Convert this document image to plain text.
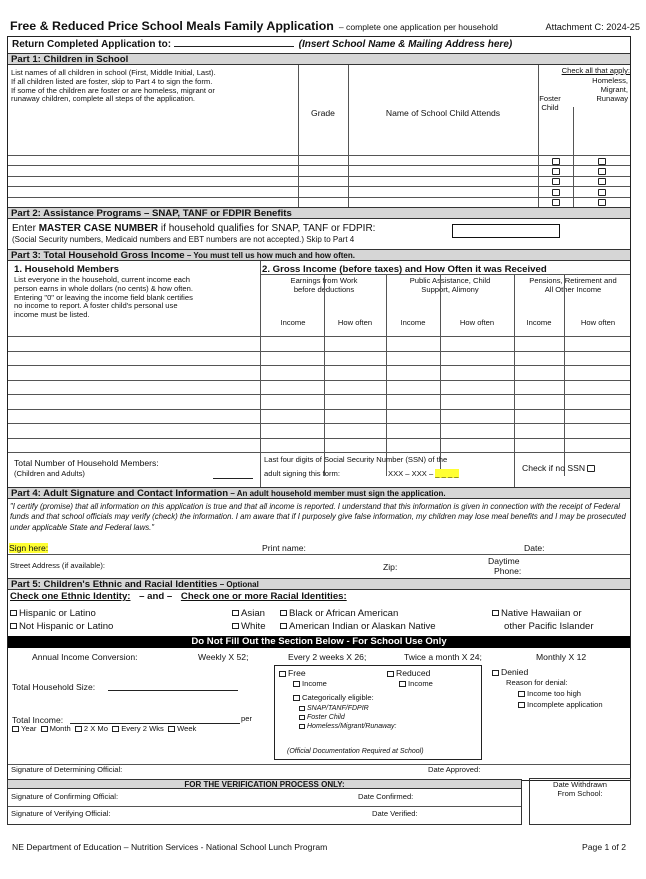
Free & Reduced Price School Meals Family Application – complete one application per household	Attachment C: 2024-25
Return Completed Application to:	(Insert School Name & Mailing Address here)
Part 1: Children in School
List names of all children in school (First, Middle Initial, Last).
If all children listed are foster, skip to Part 4 to sign the form.
If some of the children are foster or are homeless, migrant or
runaway children, complete all steps of the application.
Grade	Name of School Child Attends
Check all that apply:
Foster Child
Homeless, Migrant, Runaway
Part 2: Assistance Programs – SNAP, TANF or FDPIR Benefits
Enter MASTER CASE NUMBER if household qualifies for SNAP, TANF or FDPIR:
(Social Security numbers, Medicaid numbers and EBT numbers are not accepted.) Skip to Part 4
Part 3: Total Household Gross Income – You must tell us how much and how often.
1. Household Members
List everyone in the household, current income each
person earns in whole dollars (no cents) & how often.
Entering "0" or leaving the income field blank certifies
no income to report. A foster child's personal use
income must be listed.
2. Gross Income (before taxes) and How Often it was Received
Earnings from Work
before deductions
Public Assistance, Child
Support, Alimony
Pensions, Retirement and
All Other Income
Income	How often	Income	How often	Income	How often
Total Number of Household Members:
(Children and Adults)
Last four digits of Social Security Number (SSN) of the
adult signing this form:	XXX – XXX – _ _ _ _
Check if no SSN
Part 4: Adult Signature and Contact Information – An adult household member must sign the application.
"I certify (promise) that all information on this application is true and that all income is reported. I understand that this information is given in connection with the receipt of Federal funds and that school officials may verify (check) the information. I am aware that if I purposely give false information, my children may lose meal benefits and I may be prosecuted under applicable State and Federal laws."
Sign here:	Print name:	Date:
Street Address (if available):	Zip:
Daytime
Phone:
Part 5: Children's Ethnic and Racial Identities – Optional
Check one Ethnic Identity: – and – Check one or more Racial Identities:
Hispanic or Latino
Not Hispanic or Latino
Asian
White
Black or African American
American Indian or Alaskan Native
Native Hawaiian or
other Pacific Islander
Do Not Fill Out the Section Below - For School Use Only
Annual Income Conversion:	Weekly X 52;	Every 2 weeks X 26;	Twice a month X 24;	Monthly X 12
Total Household Size:
Total Income:	per
Year Month 2 X Mo Every 2 Wks Week
Free
Income
Reduced
Income
Categorically eligible:
SNAP/TANF/FDPIR
Foster Child
Homeless/Migrant/Runaway:
(Official Documentation Required at School)
Denied
Reason for denial:
Income too high
Incomplete application
Signature of Determining Official:	Date Approved:
FOR THE VERIFICATION PROCESS ONLY:
Signature of Confirming Official:	Date Confirmed:
Signature of Verifying Official:	Date Verified:
Date Withdrawn
From School:
NE Department of Education – Nutrition Services - National School Lunch Program	Page 1 of 2
